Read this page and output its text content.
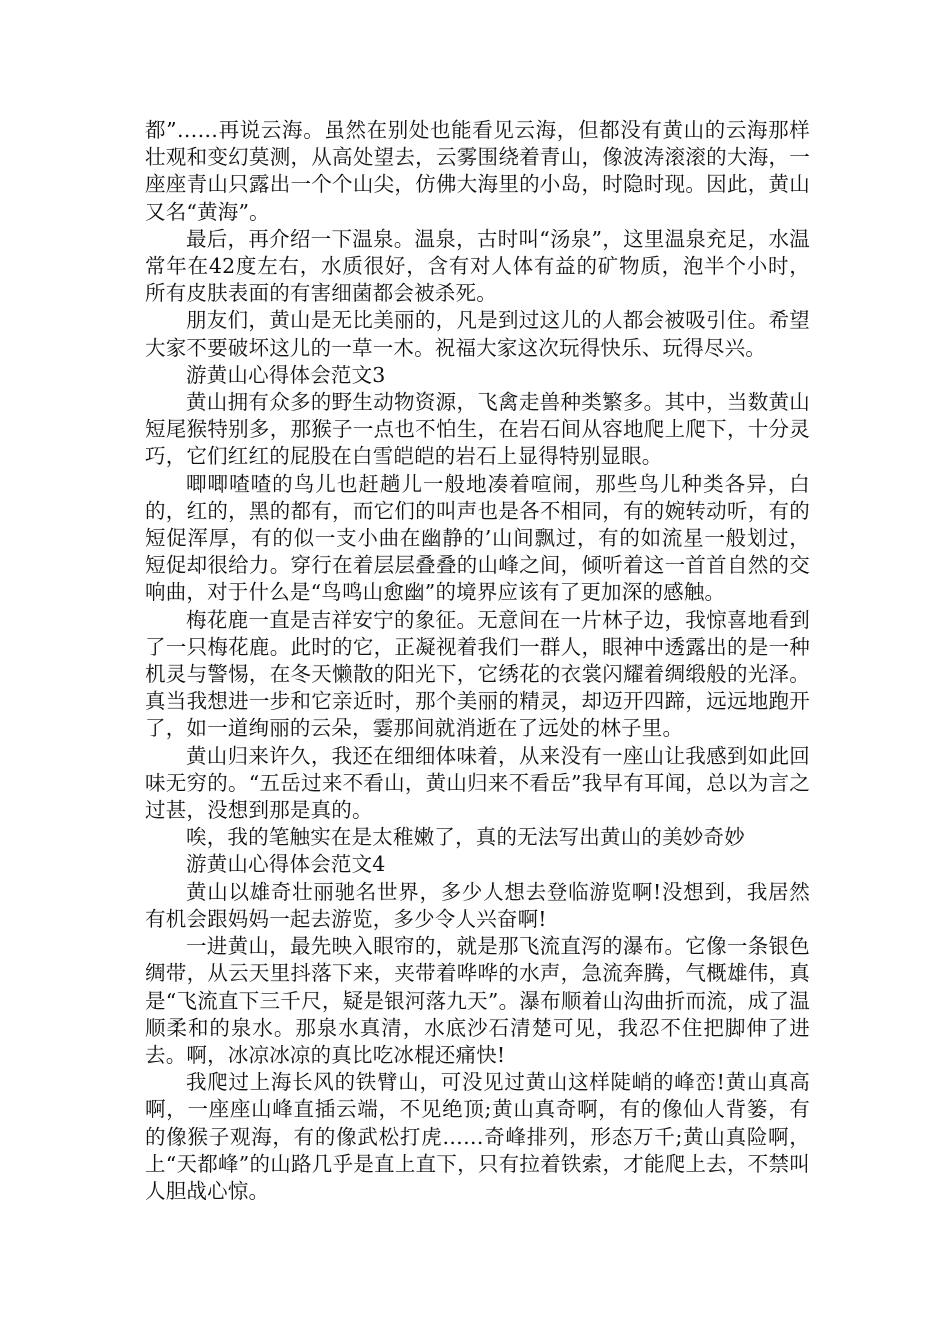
都”……再说云海。虽然在别处也能看见云海，但都没有黄山的云海那样壮观和变幻莫测，从高处望去，云雾围绕着青山，像波涛滚滚的大海，一座座青山只露出一个个山尖，仿佛大海里的小岛，时隐时现。因此，黄山又名“黄海”。

最后，再介绍一下温泉。温泉，古时叫“汤泉”，这里温泉充足，水温常年在42度左右，水质很好，含有对人体有益的矿物质，泡半个小时，所有皮肤表面的有害细菌都会被杀死。

朋友们，黄山是无比美丽的，凡是到过这儿的人都会被吸引住。希望大家不要破坏这儿的一草一木。祝福大家这次玩得快乐、玩得尽兴。

游黄山心得体会范文3

黄山拥有众多的野生动物资源，飞禽走兽种类繁多。其中，当数黄山短尾猴特别多，那猴子一点也不怕生，在岩石间从容地爬上爬下，十分灵巧，它们红红的屁股在白雪皑皑的岩石上显得特别显眼。

唧唧喳喳的鸟儿也赶趟儿一般地凑着喧闹，那些鸟儿种类各异，白的，红的，黑的都有，而它们的叫声也是各不相同，有的婉转动听，有的短促浑厚，有的似一支小曲在幽静的’山间飘过，有的如流星一般划过，短促却很给力。穿行在着层层叠叠的山峰之间，倾听着这一首首自然的交响曲，对于什么是“鸟鸣山愈幽”的境界应该有了更加深的感触。

梅花鹿一直是吉祥安宁的象征。无意间在一片林子边，我惊喜地看到了一只梅花鹿。此时的它，正凝视着我们一群人，眼神中透露出的是一种机灵与警惕，在冬天懒散的阳光下，它绣花的衣裳闪耀着绸缎般的光泽。真当我想进一步和它亲近时，那个美丽的精灵，却迈开四蹄，远远地跑开了，如一道绚丽的云朵，霎那间就消逝在了远处的林子里。

黄山归来许久，我还在细细体味着，从来没有一座山让我感到如此回味无穷的。“五岳过来不看山，黄山归来不看岳”我早有耳闻，总以为言之过甚，没想到那是真的。

唉，我的笔触实在是太稚嫩了，真的无法写出黄山的美妙奇妙

游黄山心得体会范文4

黄山以雄奇壮丽驰名世界，多少人想去登临游览啊!没想到，我居然有机会跟妈妈一起去游览，多少令人兴奋啊!

一进黄山，最先映入眼帘的，就是那飞流直泻的瀑布。它像一条银色绸带，从云天里抖落下来，夹带着哗哗的水声，急流奔腾，气概雄伟，真是“飞流直下三千尺，疑是银河落九天”。瀑布顺着山沟曲折而流，成了温顺柔和的泉水。那泉水真清，水底沙石清楚可见，我忍不住把脚伸了进去。啊，冰凉冰凉的真比吃冰棍还痛快!

我爬过上海长风的铁臂山，可没见过黄山这样陡峭的峰峦!黄山真高啊，一座座山峰直插云端，不见绝顶;黄山真奇啊，有的像仙人背篓，有的像猴子观海，有的像武松打虎……奇峰排列，形态万千;黄山真险啊，上“天都峰”的山路几乎是直上直下，只有拉着铁索，才能爬上去，不禁叫人胆战心惊。
